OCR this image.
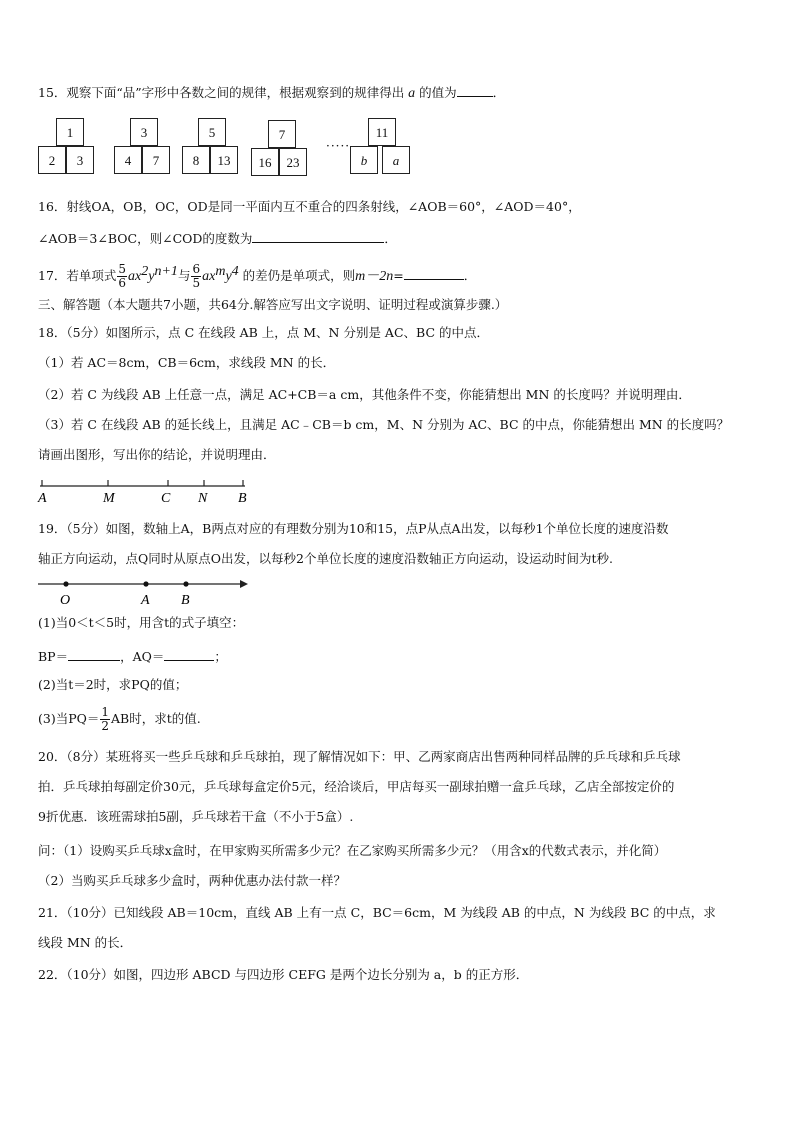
15．观察下面“品”字形中各数之间的规律，根据观察到的规律得出 a 的值为	．
1
2	3
3
4	7
5
8	13
7
16	23
·····
11
b	a
16．射线OA，OB，OC，OD是同一平面内互不重合的四条射线，∠AOB＝60°，∠AOD＝40°，
∠AOB＝3∠BOC，则∠COD的度数为	．
17．若单项式 $\frac{5}{6} ax^2y^{n+1}$与 $\frac{6}{5} ax^my^4$ 的差仍是单项式，则m－2n=	．
三、解答题（本大题共7小题，共64分.解答应写出文字说明、证明过程或演算步骤.）
18．（5分）如图所示，点 C 在线段 AB 上，点 M、N 分别是 AC、BC 的中点．
（1）若 AC＝8cm，CB＝6cm，求线段 MN 的长．
（2）若 C 为线段 AB 上任意一点，满足 AC+CB＝a cm，其他条件不变，你能猜想出 MN 的长度吗？并说明理由．
（3）若 C 在线段 AB 的延长线上，且满足 AC﹣CB＝b cm，M、N 分别为 AC、BC 的中点，你能猜想出 MN 的长度吗？
请画出图形，写出你的结论，并说明理由．
A	M	C N B
19．（5分）如图，数轴上A，B两点对应的有理数分别为10和15，点P从点A出发，以每秒1个单位长度的速度沿数
轴正方向运动，点Q同时从原点O出发，以每秒2个单位长度的速度沿数轴正方向运动，设运动时间为t秒.
O	A B
(1)当0＜t＜5时，用含t的式子填空：
BP＝	，AQ＝	；
(2)当t＝2时，求PQ的值；
(3)当$PQ= \frac{1}{2}$ AB时，求t的值.
20．（8分）某班将买一些乒乓球和乒乓球拍，现了解情况如下：甲、乙两家商店出售两种同样品牌的乒乓球和乒乓球
拍．乒乓球拍每副定价30元，乒乓球每盒定价5元，经洽谈后，甲店每买一副球拍赠一盒乒乓球，乙店全部按定价的
9折优惠．该班需球拍5副，乒乓球若干盒（不小于5盒）.
问：（1）设购买乒乓球x盒时，在甲家购买所需多少元？在乙家购买所需多少元？（用含x的代数式表示，并化简）
（2）当购买乒乓球多少盒时，两种优惠办法付款一样？
21．（10分）已知线段 AB＝10cm，直线 AB 上有一点 C，BC＝6cm，M 为线段 AB 的中点，N 为线段 BC 的中点，求
线段 MN 的长．
22．（10分）如图，四边形 ABCD 与四边形 CEFG 是两个边长分别为 a，b 的正方形．
